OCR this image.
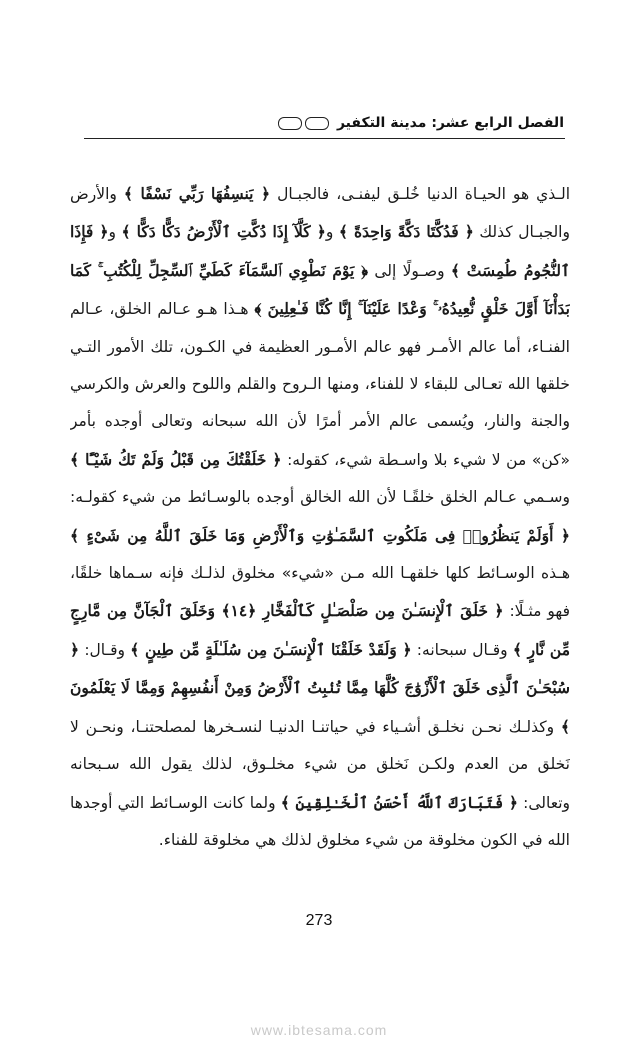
الفصل الرابع عشر: مدينة التكفير

الـذي هو الحيـاة الدنيا خُلـق ليفنـى، فالجبـال ﴿ يَنسِفُهَا رَبِّي نَسْفًا ﴾ والأرض والجبـال كذلك ﴿ فَدُكَّتَا دَكَّةً وَاحِدَةً ﴾ و﴿ كَلَّآ إِذَا دُكَّتِ ٱلْأَرْضُ دَكًّا دَكًّا ﴾ و﴿ فَإِذَا ٱلنُّجُومُ طُمِسَتْ ﴾ وصـولًا إلى ﴿ يَوْمَ نَطْوِي ٱلسَّمَآءَ كَطَيِّ ٱلسِّجِلِّ لِلْكُتُبِ ۚ كَمَا بَدَأْنَآ أَوَّلَ خَلْقٍ نُّعِيدُهُۥ ۚ وَعْدًا عَلَيْنَآ ۚ إِنَّا كُنَّا فَـٰعِلِينَ ﴾ هـذا هـو عـالم الخلق، عـالم الفنـاء، أما عالم الأمـر فهو عالم الأمـور العظيمة في الكـون، تلك الأمور التـي خلقها الله تعـالى للبقاء لا للفناء، ومنها الـروح والقلم واللوح والعرش والكرسي والجنة والنار، ويُسمى عالم الأمر أمرًا لأن الله سبحانه وتعالى أوجده بأمر «كن» من لا شيء بلا واسـطة شيء، كقوله: ﴿ خَلَقْتُكَ مِن قَبْلُ وَلَمْ تَكُ شَيْـًٔا ﴾ وسـمي عـالم الخلق خلقًـا لأن الله الخالق أوجده بالوسـائط من شيء كقولـه: ﴿ أَوَلَمْ يَنظُرُوا۟ فِى مَلَكُوتِ ٱلسَّمَـٰوَٰتِ وَٱلْأَرْضِ وَمَا خَلَقَ ٱللَّهُ مِن شَىْءٍ ﴾ هـذه الوسـائط كلها خلقهـا الله مـن «شيء» مخلوق لذلـك فإنه سـماها خلقًا، فهو مثـلًا: ﴿ خَلَقَ ٱلْإِنسَـٰنَ مِن صَلْصَـٰلٍ كَٱلْفَخَّارِ ﴿١٤﴾ وَخَلَقَ ٱلْجَآنَّ مِن مَّارِجٍ مِّن نَّارٍ ﴾ وقـال سبحانه: ﴿ وَلَقَدْ خَلَقْنَا ٱلْإِنسَـٰنَ مِن سُلَـٰلَةٍ مِّن طِينٍ ﴾ وقـال: ﴿ سُبْحَـٰنَ ٱلَّذِى خَلَقَ ٱلْأَزْوَٰجَ كُلَّهَا مِمَّا تُنۢبِتُ ٱلْأَرْضُ وَمِنْ أَنفُسِهِمْ وَمِمَّا لَا يَعْلَمُونَ ﴾ وكذلـك نحـن نخلـق أشـياء في حياتنـا الدنيـا لنسـخرها لمصلحتنـا، ونحـن لا نَخلق من العدم ولكـن نَخلق من شيء مخلـوق، لذلك يقول الله سـبحانه وتعالى: ﴿ فَتَبَارَكَ ٱللَّهُ أَحْسَنُ ٱلْخَـٰلِقِينَ ﴾ ولما كانت الوسـائط التي أوجدها الله في الكون مخلوقة من شيء مخلوق لذلك هي مخلوقة للفناء.

273
www.ibtesama.com
